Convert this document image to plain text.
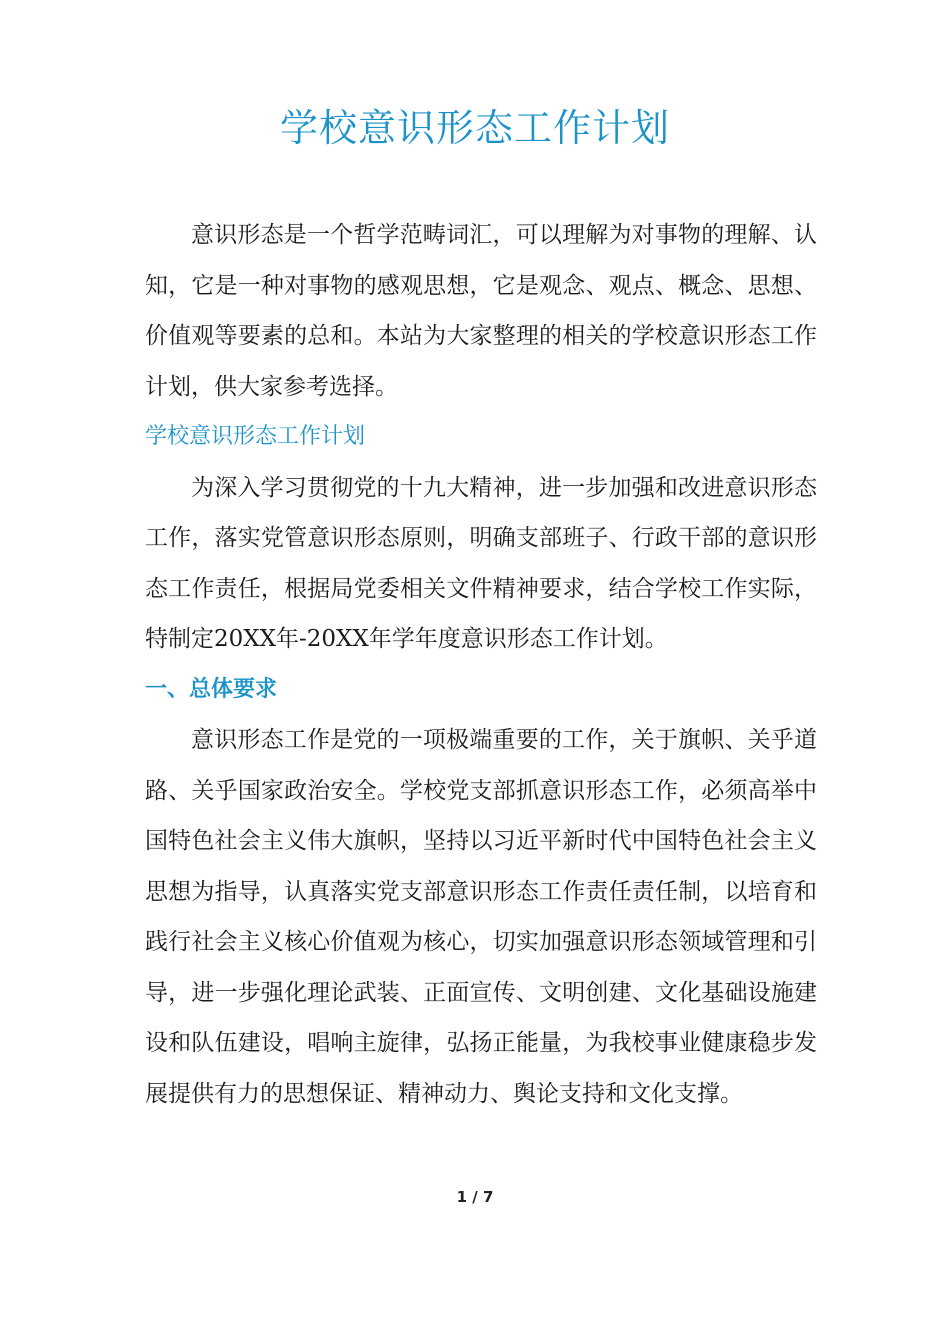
学校意识形态工作计划

意识形态是一个哲学范畴词汇，可以理解为对事物的理解、认知，它是一种对事物的感观思想，它是观念、观点、概念、思想、价值观等要素的总和。本站为大家整理的相关的学校意识形态工作计划，供大家参考选择。

学校意识形态工作计划

为深入学习贯彻党的十九大精神，进一步加强和改进意识形态工作，落实党管意识形态原则，明确支部班子、行政干部的意识形态工作责任，根据局党委相关文件精神要求，结合学校工作实际，特制定20XX年-20XX年学年度意识形态工作计划。

一、总体要求

意识形态工作是党的一项极端重要的工作，关于旗帜、关乎道路、关乎国家政治安全。学校党支部抓意识形态工作，必须高举中国特色社会主义伟大旗帜，坚持以习近平新时代中国特色社会主义思想为指导，认真落实党支部意识形态工作责任责任制，以培育和践行社会主义核心价值观为核心，切实加强意识形态领域管理和引导，进一步强化理论武装、正面宣传、文明创建、文化基础设施建设和队伍建设，唱响主旋律，弘扬正能量，为我校事业健康稳步发展提供有力的思想保证、精神动力、舆论支持和文化支撑。

1 / 7
